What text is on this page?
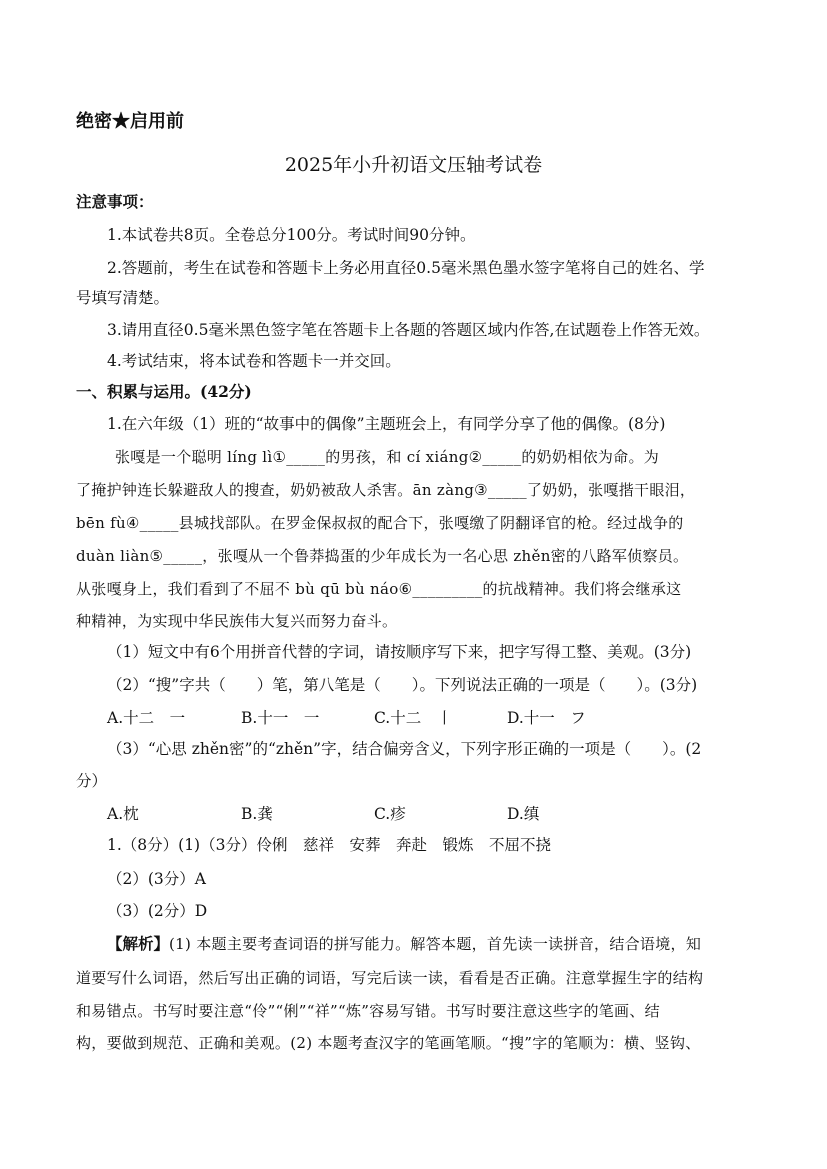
绝密★启用前
2025年小升初语文压轴考试卷
注意事项：
1.本试卷共8页。全卷总分100分。考试时间90分钟。
2.答题前，考生在试卷和答题卡上务必用直径0.5毫米黑色墨水签字笔将自己的姓名、学
号填写清楚。
3.请用直径0.5毫米黑色签字笔在答题卡上各题的答题区域内作答,在试题卷上作答无效。
4.考试结束，将本试卷和答题卡一并交回。
一、积累与运用。(42分)
1.在六年级（1）班的“故事中的偶像”主题班会上，有同学分享了他的偶像。(8分)
张嘎是一个聪明 líng lì①_____的男孩，和 cí xiáng②_____的奶奶相依为命。为
了掩护钟连长躲避敌人的搜查，奶奶被敌人杀害。ān zàng③_____了奶奶，张嘎揩干眼泪，
bēn fù④_____县城找部队。在罗金保叔叔的配合下，张嘎缴了阴翻译官的枪。经过战争的
duàn liàn⑤_____，张嘎从一个鲁莽捣蛋的少年成长为一名心思 zhěn密的八路军侦察员。
从张嘎身上，我们看到了不屈不 bù qū bù náo⑥_________的抗战精神。我们将会继承这
种精神，为实现中华民族伟大复兴而努力奋斗。
（1）短文中有6个用拼音代替的字词，请按顺序写下来，把字写得工整、美观。(3分)
（2）“搜”字共（　　）笔，第八笔是（　　）。下列说法正确的一项是（　　）。(3分)
A.十二　一	B.十一　一	C.十二　丨	D.十一　フ
（3）“心思 zhěn密”的“zhěn”字，结合偏旁含义，下列字形正确的一项是（　　）。(2
分）
A.枕	B.龚	C.疹	D.缜
1.（8分）(1)（3分）伶俐　慈祥　安葬　奔赴　锻炼　不屈不挠
（2）(3分）A
（3）(2分）D
【解析】(1) 本题主要考查词语的拼写能力。解答本题，首先读一读拼音，结合语境，知
道要写什么词语，然后写出正确的词语，写完后读一读，看看是否正确。注意掌握生字的结构
和易错点。书写时要注意“伶”“俐”“祥”“炼”容易写错。书写时要注意这些字的笔画、结
构，要做到规范、正确和美观。(2) 本题考查汉字的笔画笔顺。“搜”字的笔顺为：横、竖钩、
